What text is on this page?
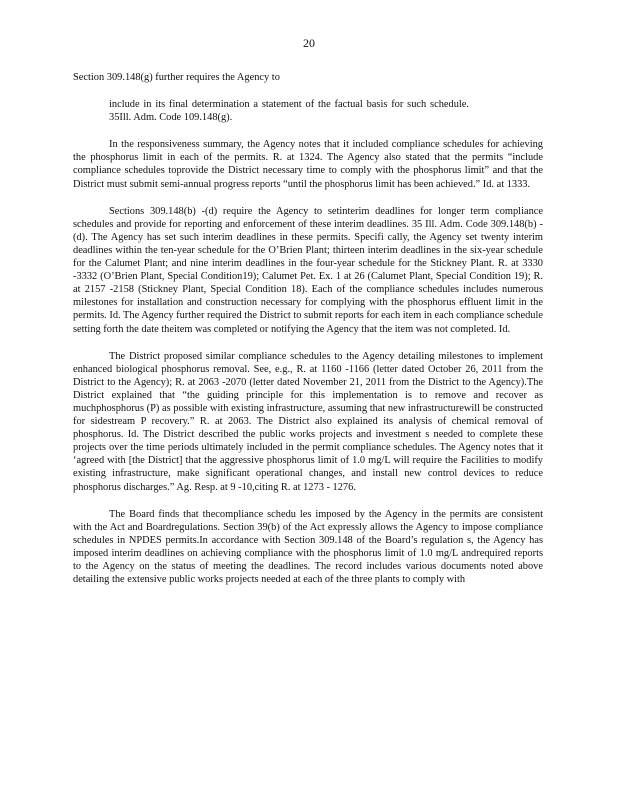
20

Section 309.148(g) further requires the Agency to

include in its final determination a statement of the factual basis for such schedule. 35Ill. Adm. Code 109.148(g).

In the responsiveness summary, the Agency notes that it included compliance schedules for achieving the phosphorus limit in each of the permits. R. at 1324. The Agency also stated that the permits “include compliance schedules toprovide the District necessary time to comply with the phosphorus limit” and that the District must submit semi-annual progress reports “until the phosphorus limit has been achieved.” Id. at 1333.

Sections 309.148(b) -(d) require the Agency to setinterim deadlines for longer term compliance schedules and provide for reporting and enforcement of these interim deadlines. 35 Ill. Adm. Code 309.148(b) -(d). The Agency has set such interim deadlines in these permits. Specifi cally, the Agency set twenty interim deadlines within the ten-year schedule for the O’Brien Plant; thirteen interim deadlines in the six-year schedule for the Calumet Plant; and nine interim deadlines in the four-year schedule for the Stickney Plant. R. at 3330 -3332 (O’Brien Plant, Special Condition19); Calumet Pet. Ex. 1 at 26 (Calumet Plant, Special Condition 19); R. at 2157 -2158 (Stickney Plant, Special Condition 18). Each of the compliance schedules includes numerous milestones for installation and construction necessary for complying with the phosphorus effluent limit in the permits. Id. The Agency further required the District to submit reports for each item in each compliance schedule setting forth the date theitem was completed or notifying the Agency that the item was not completed. Id.

The District proposed similar compliance schedules to the Agency detailing milestones to implement enhanced biological phosphorus removal. See, e.g., R. at 1160 -1166 (letter dated October 26, 2011 from the District to the Agency); R. at 2063 -2070 (letter dated November 21, 2011 from the District to the Agency).The District explained that “the guiding principle for this implementation is to remove and recover as muchphosphorus (P) as possible with existing infrastructure, assuming that new infrastructurewill be constructed for sidestream P recovery.” R. at 2063. The District also explained its analysis of chemical removal of phosphorus. Id. The District described the public works projects and investment s needed to complete these projects over the time periods ultimately included in the permit compliance schedules. The Agency notes that it ‘agreed with [the District] that the aggressive phosphorus limit of 1.0 mg/L will require the Facilities to modify existing infrastructure, make significant operational changes, and install new control devices to reduce phosphorus discharges.” Ag. Resp. at 9 -10,citing R. at 1273 - 1276.

The Board finds that thecompliance schedu les imposed by the Agency in the permits are consistent with the Act and Boardregulations. Section 39(b) of the Act expressly allows the Agency to impose compliance schedules in NPDES permits.In accordance with Section 309.148 of the Board’s regulation s, the Agency has imposed interim deadlines on achieving compliance with the phosphorus limit of 1.0 mg/L andrequired reports to the Agency on the status of meeting the deadlines. The record includes various documents noted above detailing the extensive public works projects needed at each of the three plants to comply with
